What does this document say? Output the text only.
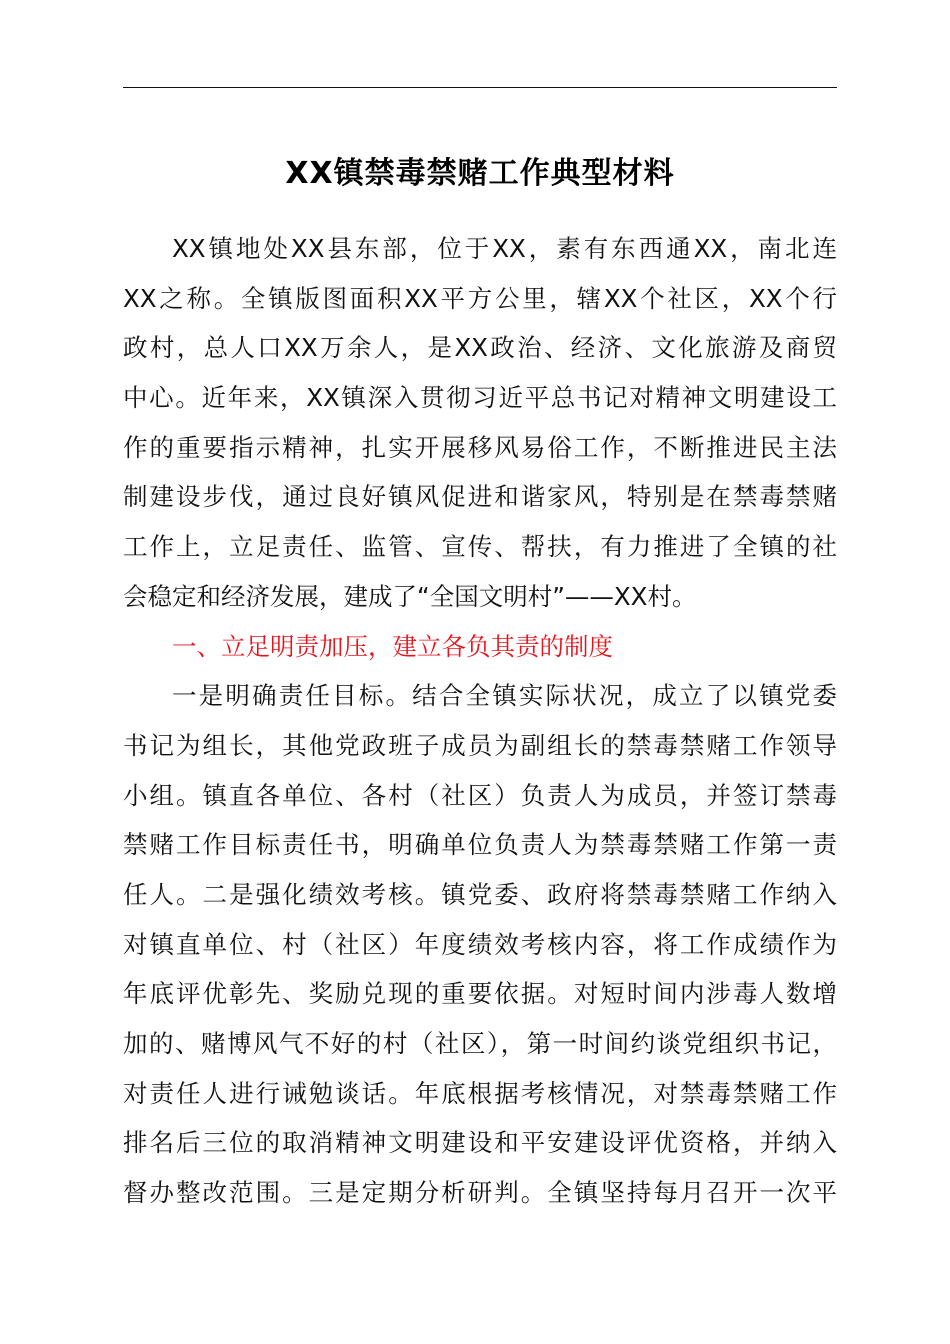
XX镇禁毒禁赌工作典型材料
XX镇地处XX县东部，位于XX，素有东西通XX，南北连
XX之称。全镇版图面积XX平方公里，辖XX个社区，XX个行
政村，总人口XX万余人，是XX政治、经济、文化旅游及商贸
中心。近年来，XX镇深入贯彻习近平总书记对精神文明建设工
作的重要指示精神，扎实开展移风易俗工作，不断推进民主法
制建设步伐，通过良好镇风促进和谐家风，特别是在禁毒禁赌
工作上，立足责任、监管、宣传、帮扶，有力推进了全镇的社
会稳定和经济发展，建成了“全国文明村”——XX村。
一、立足明责加压，建立各负其责的制度
一是明确责任目标。结合全镇实际状况，成立了以镇党委
书记为组长，其他党政班子成员为副组长的禁毒禁赌工作领导
小组。镇直各单位、各村（社区）负责人为成员，并签订禁毒
禁赌工作目标责任书，明确单位负责人为禁毒禁赌工作第一责
任人。二是强化绩效考核。镇党委、政府将禁毒禁赌工作纳入
对镇直单位、村（社区）年度绩效考核内容，将工作成绩作为
年底评优彰先、奖励兑现的重要依据。对短时间内涉毒人数增
加的、赌博风气不好的村（社区），第一时间约谈党组织书记，
对责任人进行诫勉谈话。年底根据考核情况，对禁毒禁赌工作
排名后三位的取消精神文明建设和平安建设评优资格，并纳入
督办整改范围。三是定期分析研判。全镇坚持每月召开一次平
